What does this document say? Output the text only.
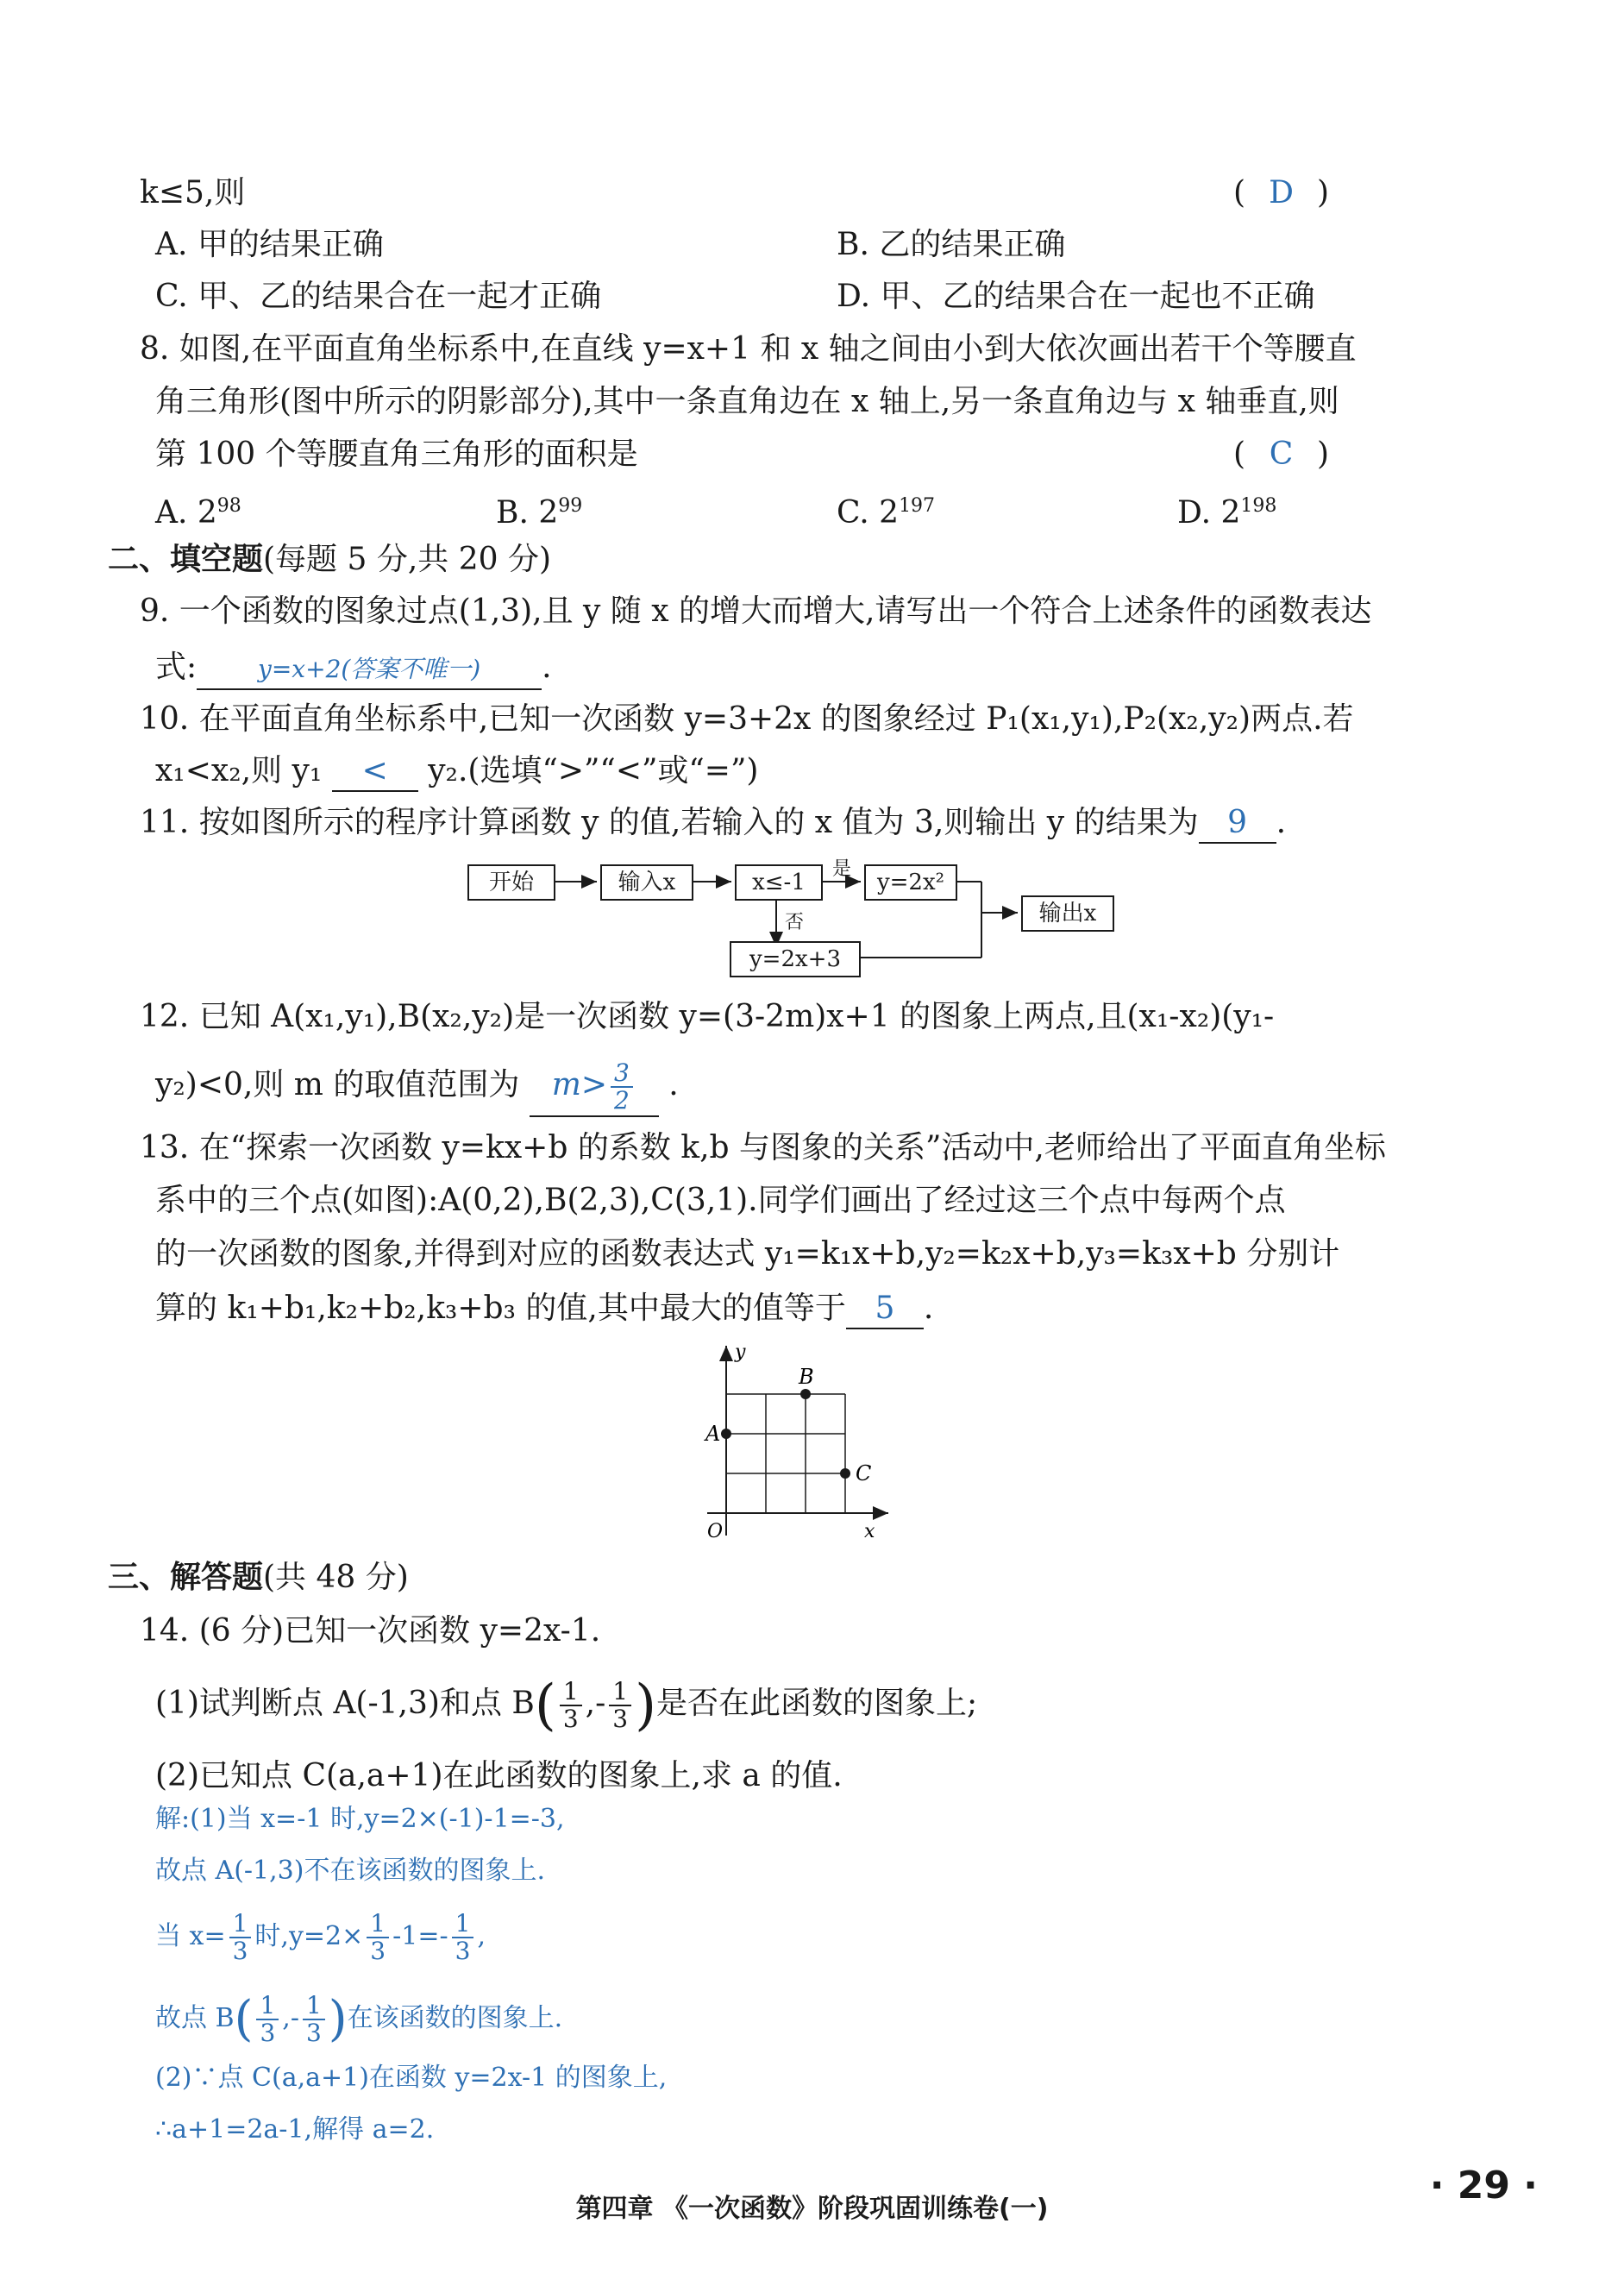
k≤5,则	( D )
A. 甲的结果正确	B. 乙的结果正确
C. 甲、乙的结果合在一起才正确	D. 甲、乙的结果合在一起也不正确
8. 如图,在平面直角坐标系中,在直线 y=x+1 和 x 轴之间由小到大依次画出若干个等腰直
角三角形(图中所示的阴影部分),其中一条直角边在 x 轴上,另一条直角边与 x 轴垂直,则
第 100 个等腰直角三角形的面积是	( C )
A. $2^{98}$	B. $2^{99}$	C. $2^{197}$	D. $2^{198}$
二、填空题(每题 5 分,共 20 分)
9. 一个函数的图象过点(1,3),且 y 随 x 的增大而增大,请写出一个符合上述条件的函数表达
式:	y=x+2(答案不唯一) .
10. 在平面直角坐标系中,已知一次函数 y=3+2x 的图象经过 P₁(x₁,y₁),P₂(x₂,y₂)两点.若
x₁<x₂,则 y₁ < y₂.(选填“>”“<”或“=”)
11. 按如图所示的程序计算函数 y 的值,若输入的 x 值为 3,则输出 y 的结果为 9 .
开始	输入x	x≤-1
是
y=2x²
否
y=2x+3
输出x
12. 已知 A(x₁,y₁),B(x₂,y₂)是一次函数 y=(3-2m)x+1 的图象上两点,且(x₁-x₂)(y₁-
y₂)<0,则 m 的取值范围为 $m> \frac{3}{2}$ .
13. 在“探索一次函数 y=kx+b 的系数 k,b 与图象的关系”活动中,老师给出了平面直角坐标
系中的三个点(如图):A(0,2),B(2,3),C(3,1).同学们画出了经过这三个点中每两个点
的一次函数的图象,并得到对应的函数表达式 y₁=k₁x+b,y₂=k₂x+b,y₃=k₃x+b 分别计
算的 k₁+b₁,k₂+b₂,k₃+b₃ 的值,其中最大的值等于 5 .
y
x
O
A
B
C
三、解答题(共 48 分)
14. (6 分)已知一次函数 y=2x-1.
(1)试判断点 A(-1,3)和点 $B( \frac{1}{3}$ ,- $\frac{1}{3}$ )是否在此函数的图象上;
(2)已知点 C(a,a+1)在此函数的图象上,求 a 的值.
解:(1)当 x=-1 时,y=2×(-1)-1=-3,
故点 A(-1,3)不在该函数的图象上.
当 $x= \frac{1}{3}$ 时$,y=2\times \frac{1}{3} -1=- \frac{1}{3}$ ,
故点 $B( \frac{1}{3}$ ,- $\frac{1}{3}$ )在该函数的图象上.
(2)∵点 C(a,a+1)在函数 y=2x-1 的图象上,
∴a+1=2a-1,解得 a=2.
第四章 《一次函数》阶段巩固训练卷(一)
· 29 ·
